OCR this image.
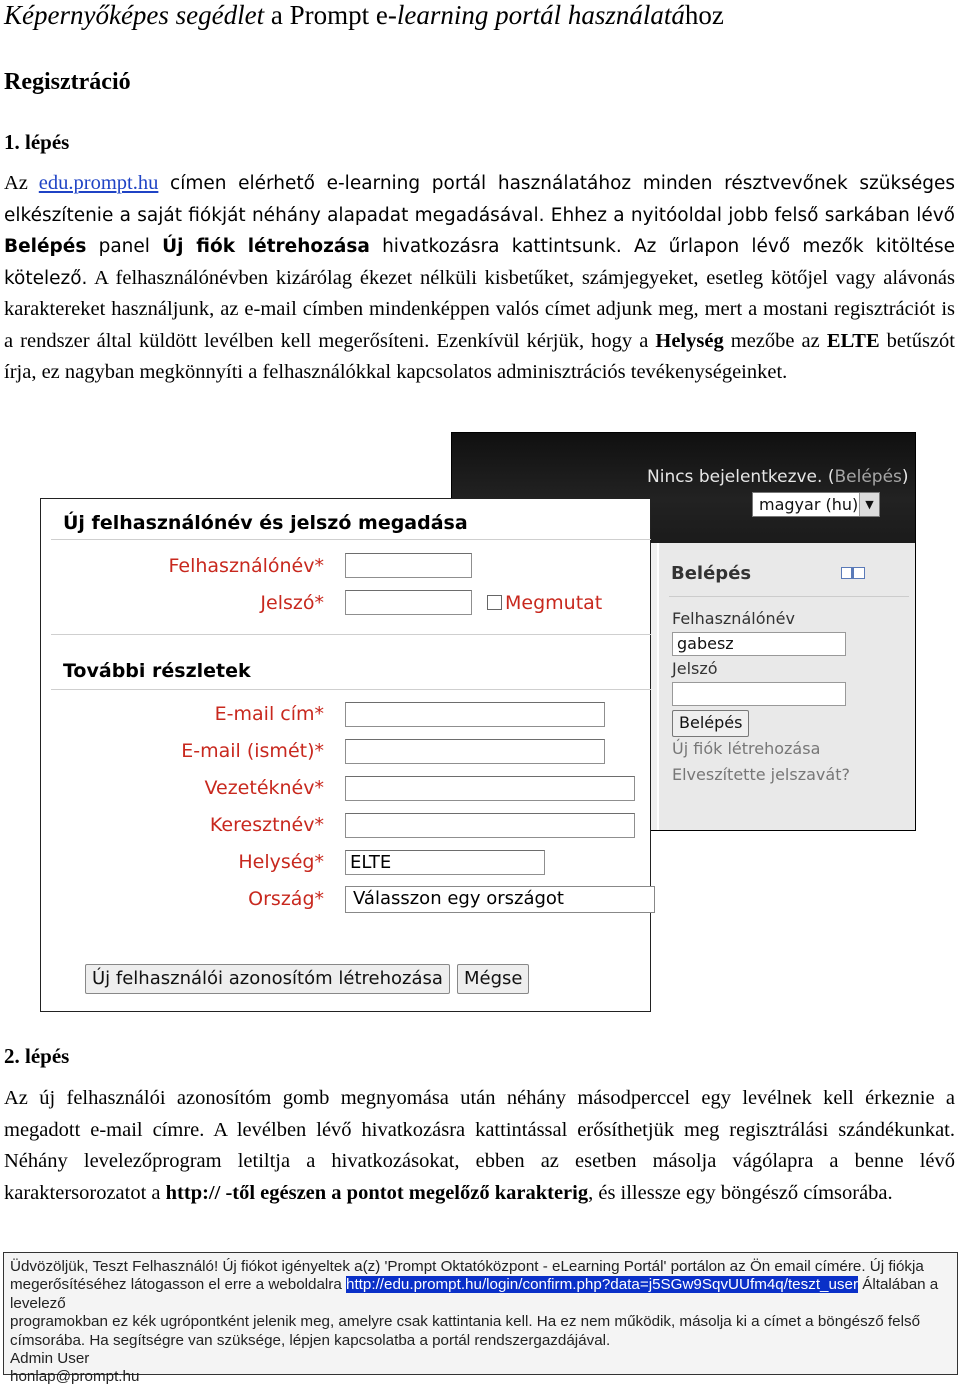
Képernyőképes segédlet a Prompt e-learning portál használatához
Regisztráció
1. lépés

Az edu.prompt.hu címen elérhető e-learning portál használatához minden résztvevőnek szükséges elkészítenie a saját fiókját néhány alapadat megadásával. Ehhez a nyitóoldal jobb felső sarkában lévő Belépés panel Új fiók létrehozása hivatkozásra kattintsunk. Az űrlapon lévő mezők kitöltése kötelező. A felhasználónévben kizárólag ékezet nélküli kisbetűket, számjegyeket, esetleg kötőjel vagy alávonás karaktereket használjunk, az e-mail címben mindenképpen valós címet adjunk meg, mert a mostani regisztrációt is a rendszer által küldött levélben kell megerősíteni. Ezenkívül kérjük, hogy a Helység mezőbe az ELTE betűszót írja, ez nagyban megkönnyíti a felhasználókkal kapcsolatos adminisztrációs tevékenységeinket.

Nincs bejelentkezve. (Belépés)
magyar (hu) ▼
Belépés
Felhasználónév
gabesz
Jelszó
Belépés
Új fiók létrehozása
Elveszítette jelszavát?
Új felhasználónév és jelszó megadása
Felhasználónév*
Jelszó*	Megmutat
További részletek
E-mail cím*
E-mail (ismét)*
Vezetéknév*
Keresztnév*
Helység* ELTE
Ország*	Válasszon egy országot
Új felhasználói azonosítóm létrehozása	Mégse
2. lépés

Az új felhasználói azonosítóm gomb megnyomása után néhány másodperccel egy levélnek kell érkeznie a megadott e-mail címre. A levélben lévő hivatkozásra kattintással erősíthetjük meg regisztrálási szándékunkat. Néhány levelezőprogram letiltja a hivatkozásokat, ebben az esetben másolja vágólapra a benne lévő karaktersorozatot a http:// -től egészen a pontot megelőző karakterig, és illessze egy böngésző címsorába.

Üdvözöljük, Teszt Felhasználó! Új fiókot igényeltek a(z) 'Prompt Oktatóközpont - eLearning Portál' portálon az Ön email címére. Új fiókja
megerősítéséhez látogasson el erre a weboldalra http://edu.prompt.hu/login/confirm.php?data=j5SGw9SqvUUfm4q/teszt_user Általában a levelező
programokban ez kék ugrópontként jelenik meg, amelyre csak kattintania kell. Ha ez nem működik, másolja ki a címet a böngésző felső
címsorába. Ha segítségre van szüksége, lépjen kapcsolatba a portál rendszergazdájával.
Admin User
honlap@prompt.hu
